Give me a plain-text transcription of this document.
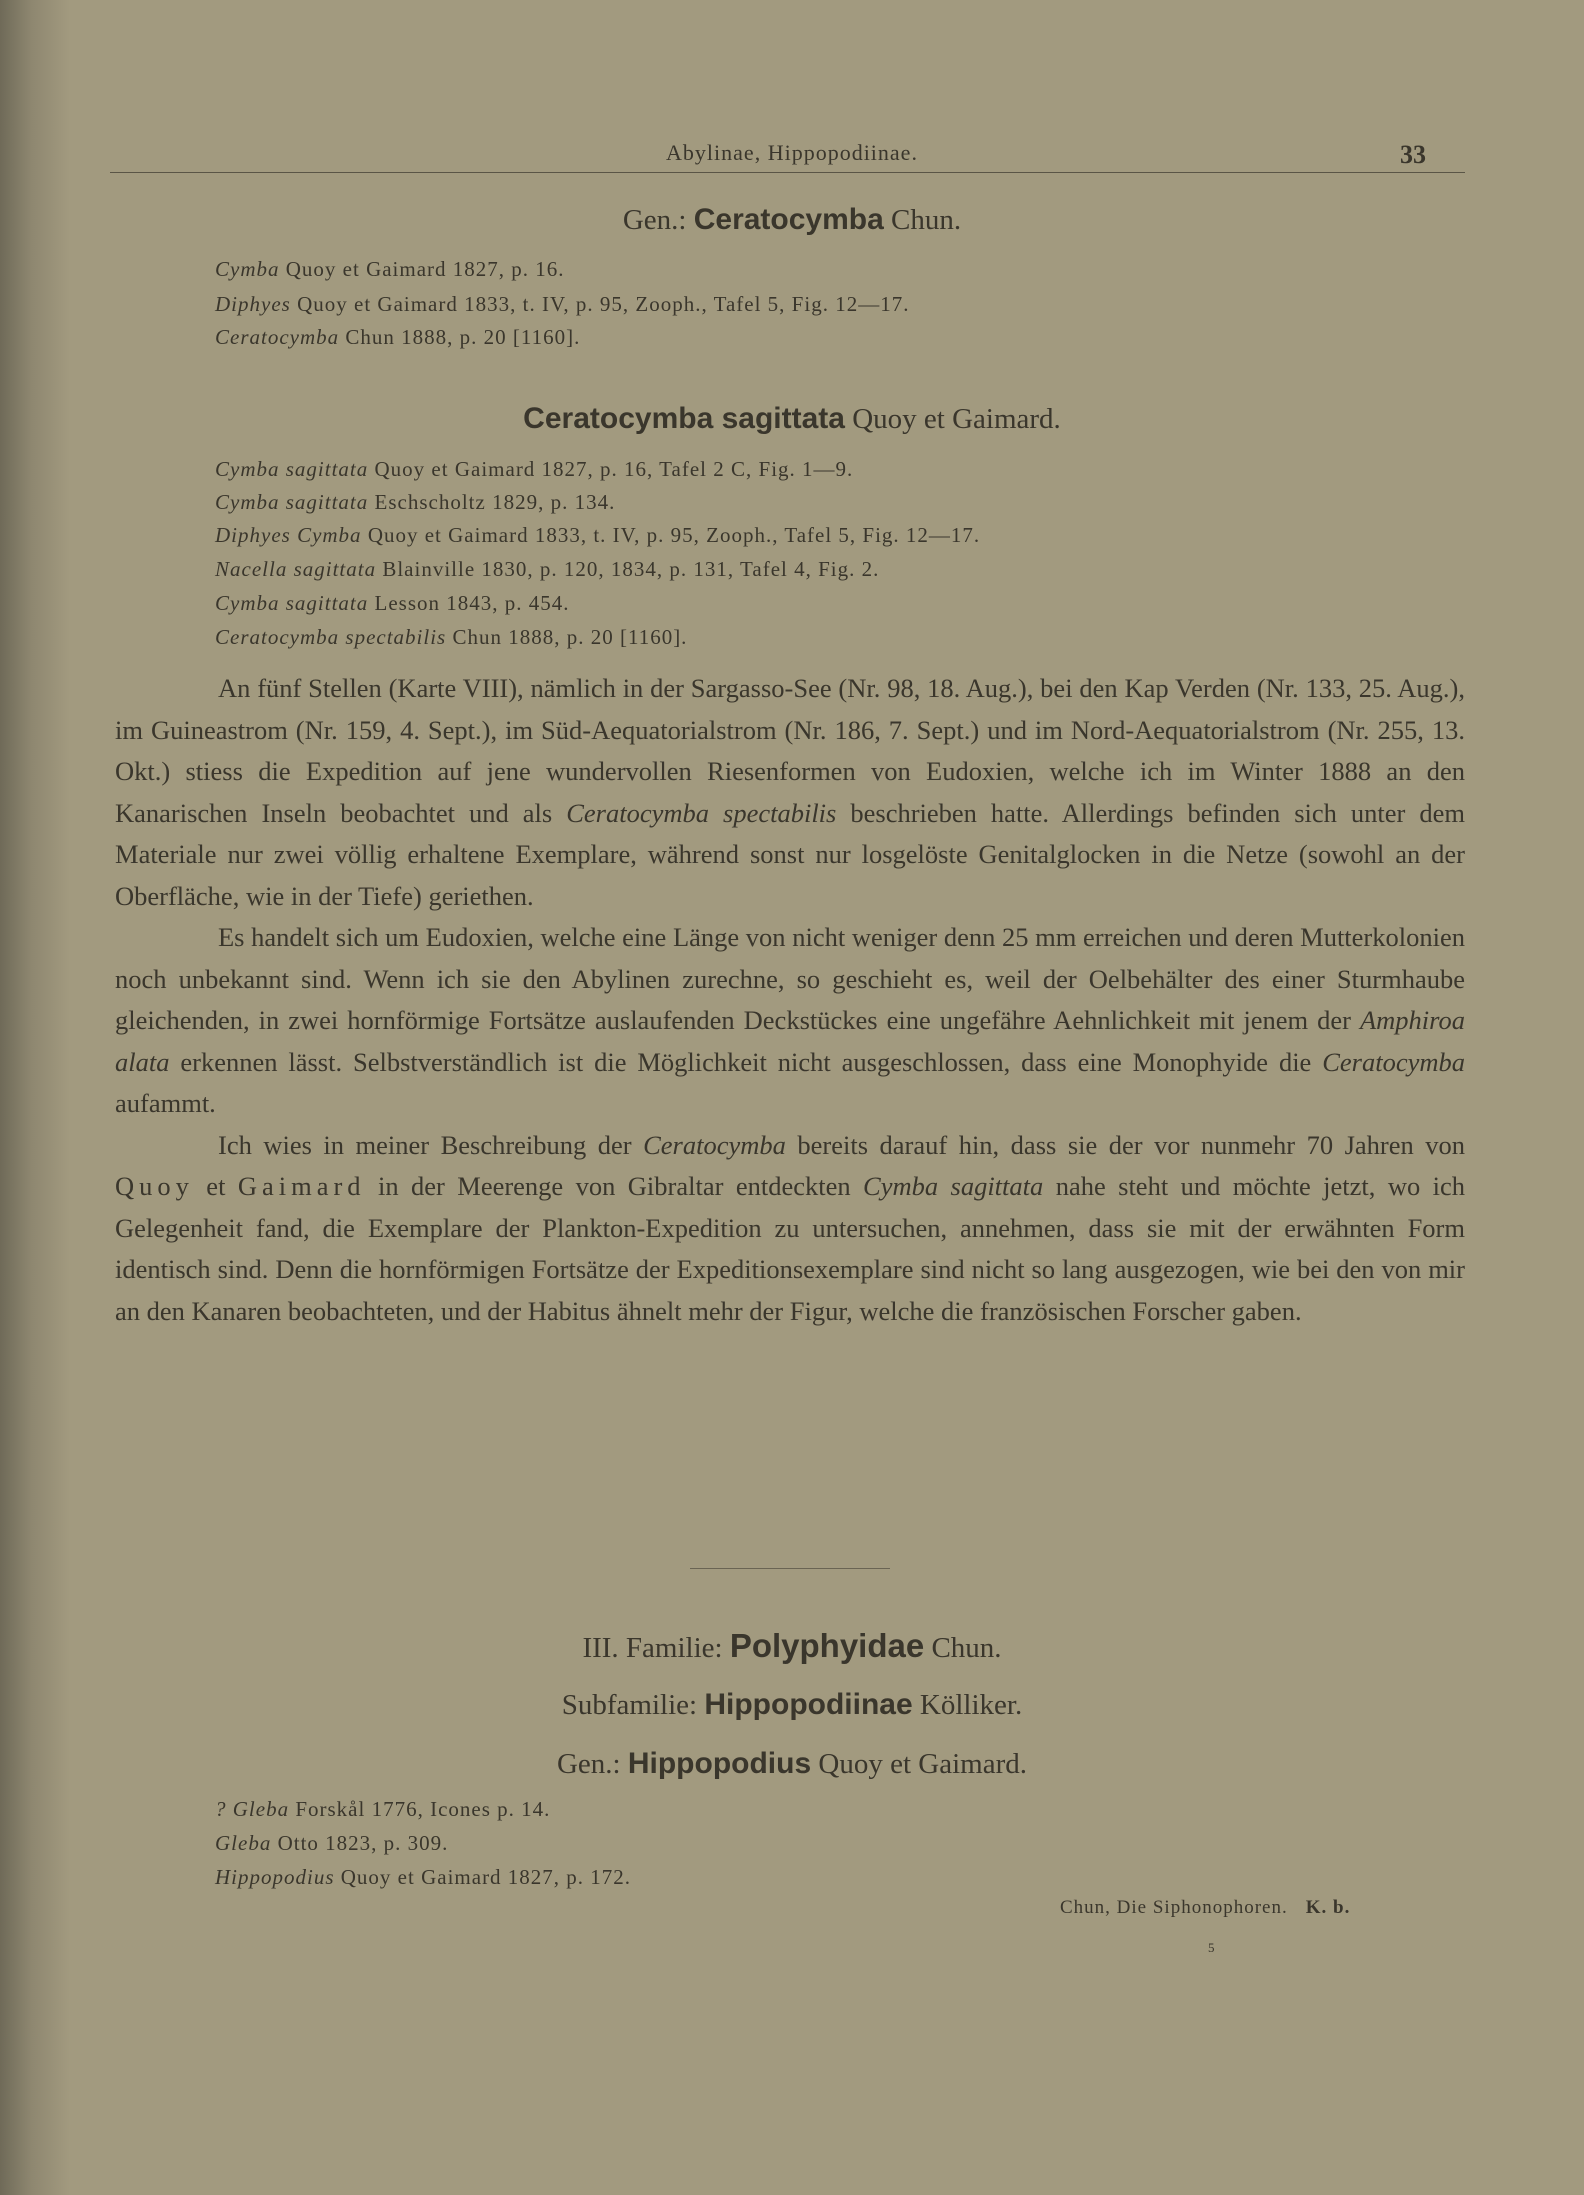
Abylinae, Hippopodiinae.	33
Gen.: Ceratocymba Chun.
Cymba Quoy et Gaimard 1827, p. 16.
Diphyes Quoy et Gaimard 1833, t. IV, p. 95, Zooph., Tafel 5, Fig. 12—17.
Ceratocymba Chun 1888, p. 20 [1160].
Ceratocymba sagittata Quoy et Gaimard.
Cymba sagittata Quoy et Gaimard 1827, p. 16, Tafel 2 C, Fig. 1—9.
Cymba sagittata Eschscholtz 1829, p. 134.
Diphyes Cymba Quoy et Gaimard 1833, t. IV, p. 95, Zooph., Tafel 5, Fig. 12—17.
Nacella sagittata Blainville 1830, p. 120, 1834, p. 131, Tafel 4, Fig. 2.
Cymba sagittata Lesson 1843, p. 454.
Ceratocymba spectabilis Chun 1888, p. 20 [1160].

An fünf Stellen (Karte VIII), nämlich in der Sargasso-See (Nr. 98, 18. Aug.), bei den Kap Verden (Nr. 133, 25. Aug.), im Guineastrom (Nr. 159, 4. Sept.), im Süd-Aequatorialstrom (Nr. 186, 7. Sept.) und im Nord-Aequatorialstrom (Nr. 255, 13. Okt.) stiess die Expedition auf jene wundervollen Riesenformen von Eudoxien, welche ich im Winter 1888 an den Kanarischen Inseln beobachtet und als Ceratocymba spectabilis beschrieben hatte. Allerdings befinden sich unter dem Materiale nur zwei völlig erhaltene Exemplare, während sonst nur losgelöste Genitalglocken in die Netze (sowohl an der Oberfläche, wie in der Tiefe) geriethen.

Es handelt sich um Eudoxien, welche eine Länge von nicht weniger denn 25 mm erreichen und deren Mutterkolonien noch unbekannt sind. Wenn ich sie den Abylinen zurechne, so geschieht es, weil der Oelbehälter des einer Sturmhaube gleichenden, in zwei hornförmige Fortsätze auslaufenden Deckstückes eine ungefähre Aehnlichkeit mit jenem der Amphiroa alata erkennen lässt. Selbstverständlich ist die Möglichkeit nicht ausgeschlossen, dass eine Monophyide die Ceratocymba aufammt.

Ich wies in meiner Beschreibung der Ceratocymba bereits darauf hin, dass sie der vor nunmehr 70 Jahren von Quoy et Gaimard in der Meerenge von Gibraltar entdeckten Cymba sagittata nahe steht und möchte jetzt, wo ich Gelegenheit fand, die Exemplare der Plankton-Expedition zu untersuchen, annehmen, dass sie mit der erwähnten Form identisch sind. Denn die hornförmigen Fortsätze der Expeditionsexemplare sind nicht so lang ausgezogen, wie bei den von mir an den Kanaren beobachteten, und der Habitus ähnelt mehr der Figur, welche die französischen Forscher gaben.

III. Familie: Polyphyidae Chun.
Subfamilie: Hippopodiinae Kölliker.
Gen.: Hippopodius Quoy et Gaimard.
? Gleba Forskål 1776, Icones p. 14.
Gleba Otto 1823, p. 309.
Hippopodius Quoy et Gaimard 1827, p. 172.
Chun, Die Siphonophoren. K. b.
5
